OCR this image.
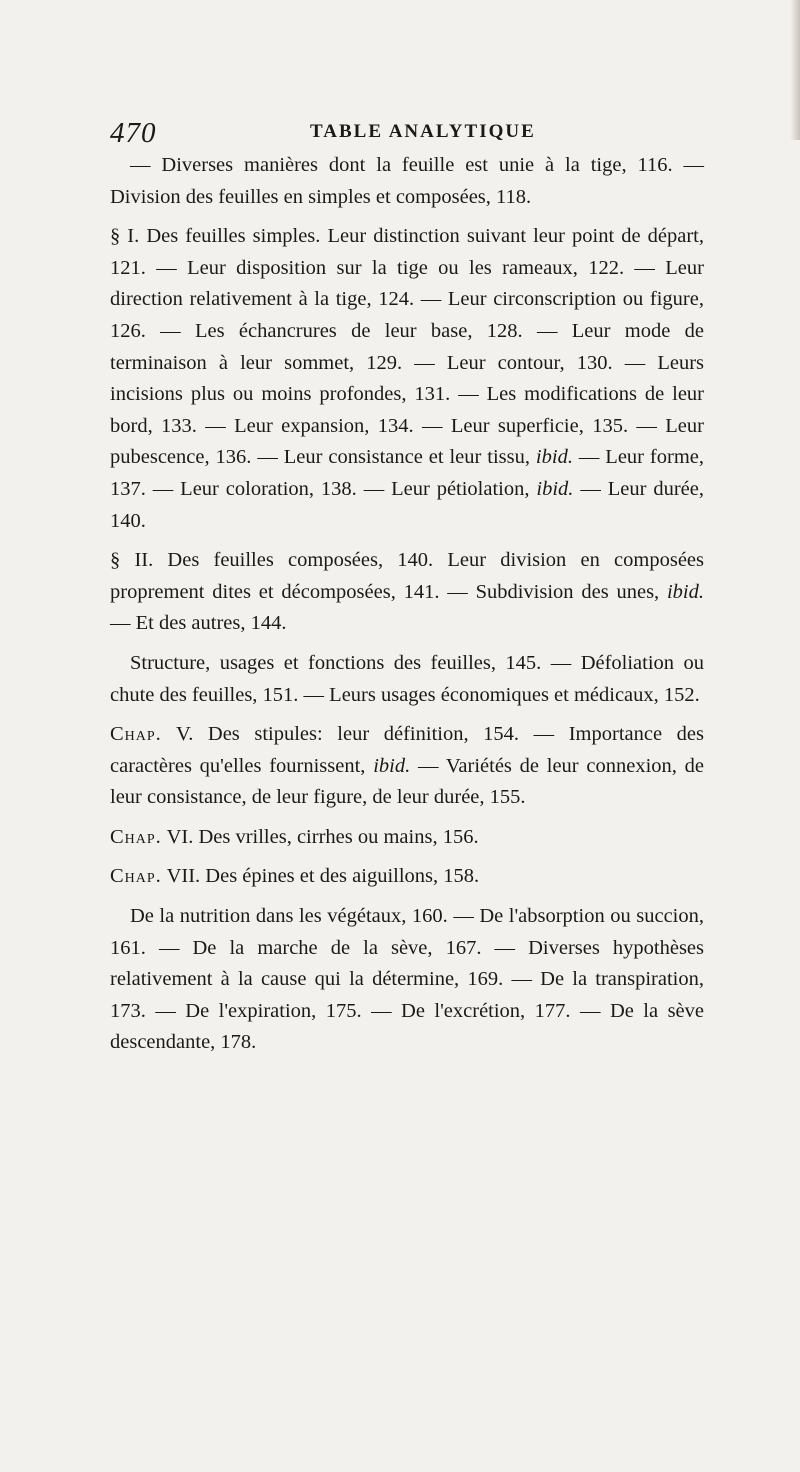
470	TABLE ANALYTIQUE

— Diverses manières dont la feuille est unie à la tige, 116. — Division des feuilles en simples et composées, 118.

§ I. Des feuilles simples. Leur distinction suivant leur point de départ, 121. — Leur disposition sur la tige ou les rameaux, 122. — Leur direction relativement à la tige, 124. — Leur circonscription ou figure, 126. — Les échancrures de leur base, 128. — Leur mode de terminaison à leur sommet, 129. — Leur contour, 130. — Leurs incisions plus ou moins profondes, 131. — Les modifications de leur bord, 133. — Leur expansion, 134. — Leur superficie, 135. — Leur pubescence, 136. — Leur consistance et leur tissu, ibid. — Leur forme, 137. — Leur coloration, 138. — Leur pétiolation, ibid. — Leur durée, 140.

§ II. Des feuilles composées, 140. Leur division en composées proprement dites et décomposées, 141. — Subdivision des unes, ibid. — Et des autres, 144.

Structure, usages et fonctions des feuilles, 145. — Défoliation ou chute des feuilles, 151. — Leurs usages économiques et médicaux, 152.

Chap. V. Des stipules: leur définition, 154. — Importance des caractères qu'elles fournissent, ibid. — Variétés de leur connexion, de leur consistance, de leur figure, de leur durée, 155.

Chap. VI. Des vrilles, cirrhes ou mains, 156.

Chap. VII. Des épines et des aiguillons, 158.

De la nutrition dans les végétaux, 160. — De l'absorption ou succion, 161. — De la marche de la sève, 167. — Diverses hypothèses relativement à la cause qui la détermine, 169. — De la transpiration, 173. — De l'expiration, 175. — De l'excrétion, 177. — De la sève descendante, 178.
